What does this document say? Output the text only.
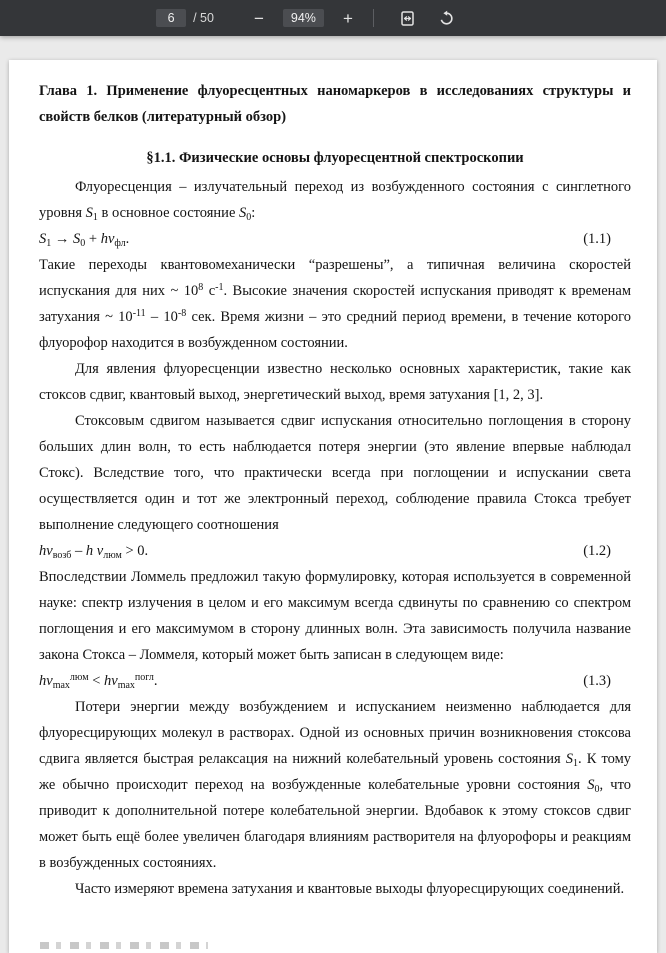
6	/ 50	−	94%	+
Глава 1. Применение флуоресцентных наномаркеров в исследованиях структуры и свойств белков (литературный обзор)
§1.1. Физические основы флуоресцентной спектроскопии

Флуоресценция – излучательный переход из возбужденного состояния с синглетного уровня $S_1$ в основное состояние $S_0$:

$S_1 \to S_0 + h\nu_{фл}$.	(1.1)

Такие переходы квантовомеханически “разрешены”, а типичная величина скоростей испускания для них ~ $10^8$ $с^{-1}$. Высокие значения скоростей испускания приводят к временам затухания ~ $10^{-11} - 10^{-8}$ сек. Время жизни – это средний период времени, в течение которого флуорофор находится в возбужденном состоянии.

Для явления флуоресценции известно несколько основных характеристик, такие как стоксов сдвиг, квантовый выход, энергетический выход, время затухания [1, 2, 3].

Стоксовым сдвигом называется сдвиг испускания относительно поглощения в сторону больших длин волн, то есть наблюдается потеря энергии (это явление впервые наблюдал Стокс). Вследствие того, что практически всегда при поглощении и испускании света осуществляется один и тот же электронный переход, соблюдение правила Стокса требует выполнение следующего соотношения

$h\nu_{возб}$ – h $\nu_{люм} > 0$.	(1.2)

Впоследствии Ломмель предложил такую формулировку, которая используется в современной науке: спектр излучения в целом и его максимум всегда сдвинуты по сравнению со спектром поглощения и его максимумом в сторону длинных волн. Эта зависимость получила название закона Стокса – Ломмеля, который может быть записан в следующем виде:

$h\nu_{max}^{люм} < h\nu_{max}^{погл}$.	(1.3)

Потери энергии между возбуждением и испусканием неизменно наблюдается для флуоресцирующих молекул в растворах. Одной из основных причин возникновения стоксова сдвига является быстрая релаксация на нижний колебательный уровень состояния $S_1$. К тому же обычно происходит переход на возбужденные колебательные уровни состояния $S_0$, что приводит к дополнительной потере колебательной энергии. Вдобавок к этому стоксов сдвиг может быть ещё более увеличен благодаря влияниям растворителя на флуорофоры и реакциям в возбужденных состояниях.

Часто измеряют времена затухания и квантовые выходы флуоресцирующих соединений.
